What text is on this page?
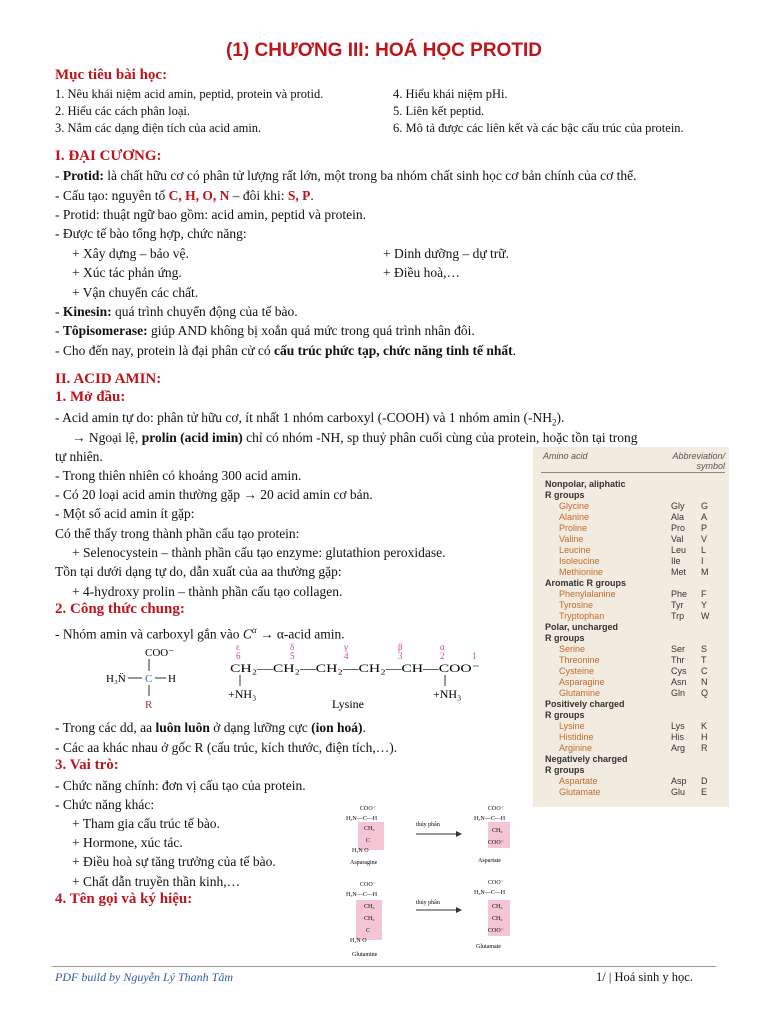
(1) CHƯƠNG III: HOÁ HỌC PROTID
Mục tiêu bài học:
1. Nêu khái niệm acid amin, peptid, protein và protid.
2. Hiểu các cách phân loại.
3. Nắm các dạng điện tích của acid amin.
4. Hiểu khái niệm pHi.
5. Liên kết peptid.
6. Mô tả được các liên kết và các bậc cấu trúc của protein.
I. ĐẠI CƯƠNG:
- Protid: là chất hữu cơ có phân tử lượng rất lớn, một trong ba nhóm chất sinh học cơ bản chính của cơ thể.
- Cấu tạo: nguyên tố C, H, O, N – đôi khi: S, P.
- Protid: thuật ngữ bao gồm: acid amin, peptid và protein.
- Được tế bào tổng hợp, chức năng:
+ Xây dựng – bảo vệ.	+ Dinh dưỡng – dự trữ.
+ Xúc tác phản ứng.	+ Điều hoà,…
+ Vận chuyển các chất.
- Kinesin: quá trình chuyển động của tế bào.
- Tôpisomerase: giúp AND không bị xoắn quá mức trong quá trình nhân đôi.
- Cho đến nay, protein là đại phân cử có cấu trúc phức tạp, chức năng tinh tế nhất.
II. ACID AMIN:
1. Mở đầu:
- Acid amin tự do: phân tử hữu cơ, ít nhất 1 nhóm carboxyl (-COOH) và 1 nhóm amin $(-NH_2)$.
→ Ngoại lệ, prolin (acid imin) chỉ có nhóm -NH, sp thuỷ phân cuối cùng của protein, hoặc tồn tại trong
tự nhiên.
- Trong thiên nhiên có khoảng 300 acid amin.
- Có 20 loại acid amin thường gặp → 20 acid amin cơ bản.
- Một số acid amin ít gặp:
Có thể thấy trong thành phần cấu tạo protein:
+ Selenocystein – thành phần cấu tạo enzyme: glutathion peroxidase.
Tồn tại dưới dạng tự do, dẫn xuất của aa thường gặp:
+ 4-hydroxy prolin – thành phần cấu tạo collagen.
2. Công thức chung:
- Nhóm amin và carboxyl gắn vào $C^\alpha$ → α-acid amin.
COO⁻
H₃N̈ C H
R
ε	δ	γ	β	α
6	5	4	3	2	1
CH₂—CH₂—CH₂—CH₂—CH—COO⁻
+NH₃	+NH₃
Lysine
- Trong các dd, aa luôn luôn ở dạng lưỡng cực (ion hoá).
- Các aa khác nhau ở gốc R (cấu trúc, kích thước, điện tích,…).
3. Vai trò:
- Chức năng chính: đơn vị cấu tạo của protein.
- Chức năng khác:
+ Tham gia cấu trúc tế bào.
+ Hormone, xúc tác.
+ Điều hoà sự tăng trưởng của tế bào.
+ Chất dẫn truyền thần kinh,…
4. Tên gọi và ký hiệu:
COO⁻
H₃N—C—H
CH₂
C
H₂N O
Asparagine
thủy phân
COO⁻
H₃N—C—H
CH₂
COO⁻
Aspartate
COO⁻
H₃N—C—H
CH₂
CH₂
C
H₂N O
Glutamine
thủy phân
COO⁻
H₃N—C—H
CH₂
CH₂
COO⁻
Glutamate
Amino acid	Abbreviation/
symbol
Nonpolar, aliphatic
R groups
Glycine	Gly G
Alanine	Ala A
Proline	Pro P
Valine	Val V
Leucine	Leu L
Isoleucine	Ile I
Methionine	Met M
Aromatic R groups
Phenylalanine	Phe F
Tyrosine	Tyr Y
Tryptophan	Trp W
Polar, uncharged
R groups
Serine	Ser S
Threonine	Thr T
Cysteine	Cys C
Asparagine	Asn N
Glutamine	Gln Q
Positively charged
R groups
Lysine	Lys K
Histidine	His H
Arginine	Arg R
Negatively charged
R groups
Aspartate	Asp D
Glutamate	Glu E
PDF build by Nguyễn Lý Thanh Tâm	1/ | Hoá sinh y học.
